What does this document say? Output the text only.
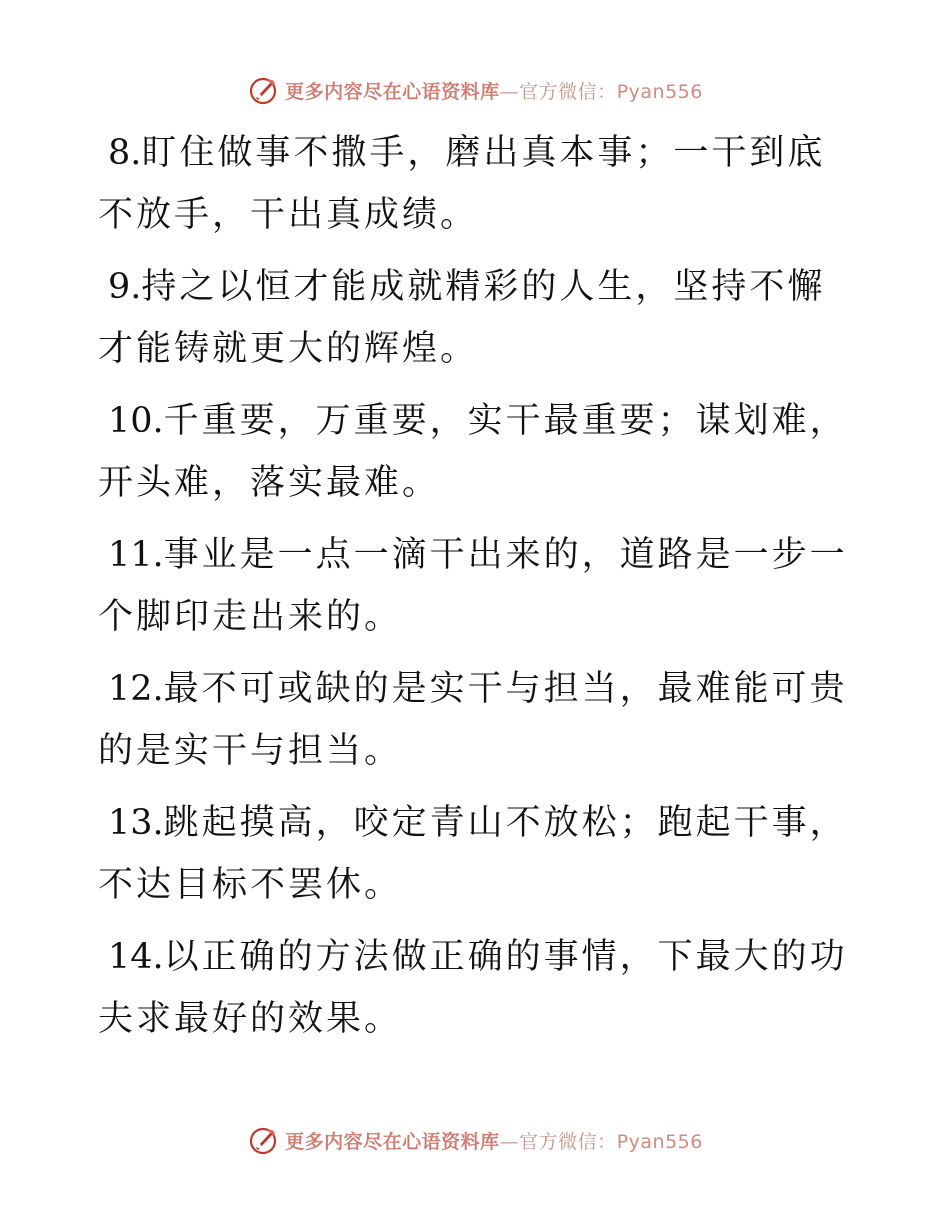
更多内容尽在心语资料库—官方微信：Pyan556

8.盯住做事不撒手，磨出真本事；一干到底不放手，干出真成绩。

9.持之以恒才能成就精彩的人生，坚持不懈才能铸就更大的辉煌。

10.千重要，万重要，实干最重要；谋划难，开头难，落实最难。

11.事业是一点一滴干出来的，道路是一步一个脚印走出来的。

12.最不可或缺的是实干与担当，最难能可贵的是实干与担当。

13.跳起摸高，咬定青山不放松；跑起干事，不达目标不罢休。

14.以正确的方法做正确的事情，下最大的功夫求最好的效果。

更多内容尽在心语资料库—官方微信：Pyan556
